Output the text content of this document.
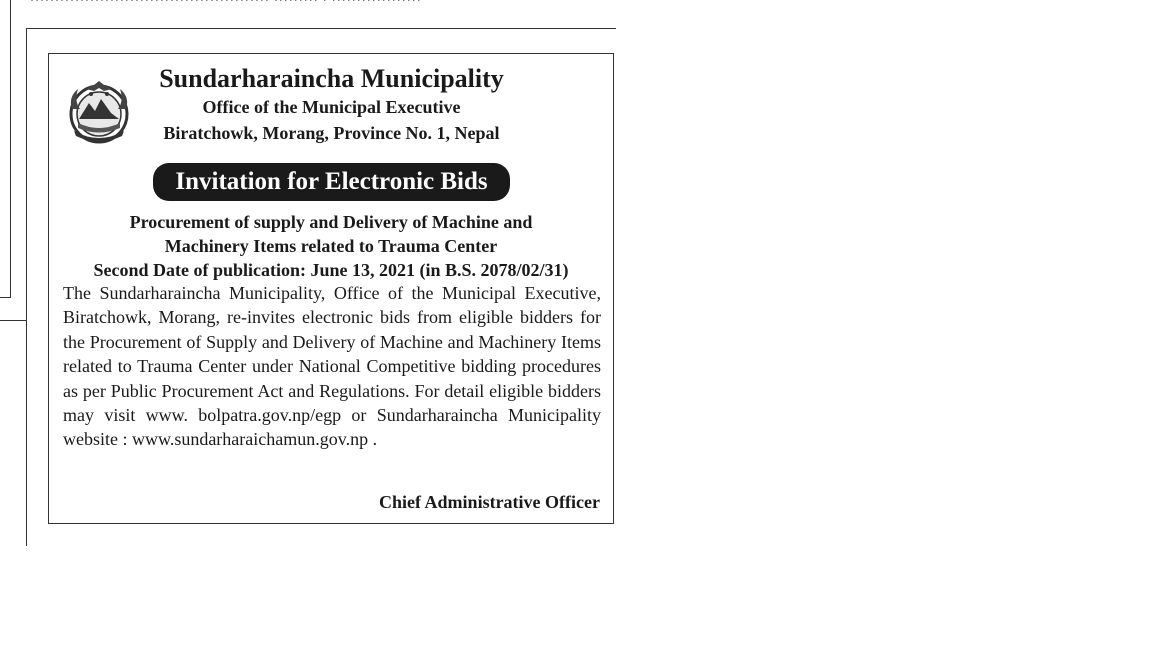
Sundarharaincha Municipality
Office of the Municipal Executive
Biratchowk, Morang, Province No. 1, Nepal
Invitation for Electronic Bids
Procurement of supply and Delivery of Machine and
Machinery Items related to Trauma Center
Second Date of publication: June 13, 2021 (in B.S. 2078/02/31)

The Sundarharaincha Municipality, Office of the Municipal Executive, Biratchowk, Morang, re-invites electronic bids from eligible bidders for the Procurement of Supply and Delivery of Machine and Machinery Items related to Trauma Center under National Competitive bidding procedures as per Public Procurement Act and Regulations. For detail eligible bidders may visit www. bolpatra.gov.np/egp or Sundarharaincha Municipality website : www.sundarharaichamun.gov.np .

Chief Administrative Officer
